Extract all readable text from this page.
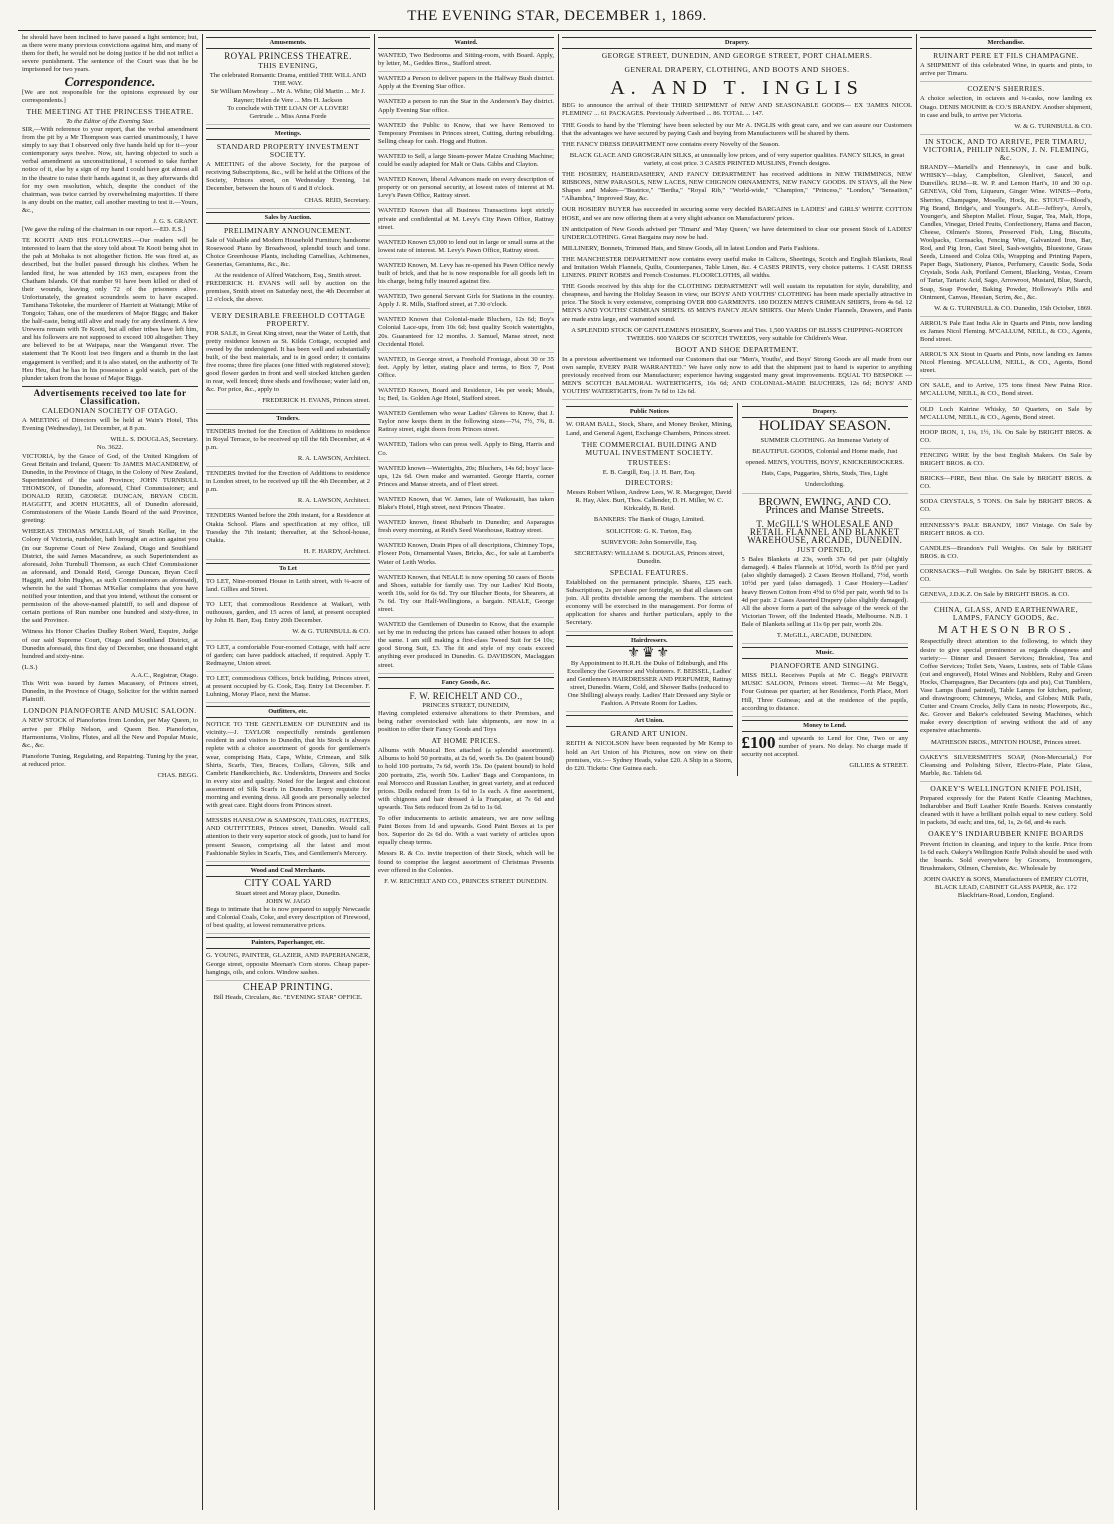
THE EVENING STAR, DECEMBER 1, 1869.

he should have been inclined to have passed a light sentence; but, as there were many previous convictions against him, and many of them for theft, he would not be doing justice if he did not inflict a severe punishment. The sentence of the Court was that he be imprisoned for two years.

Correspondence.

[We are not responsible for the opinions expressed by our correspondents.]

THE MEETING AT THE PRINCESS THEATRE.
To the Editor of the Evening Star.

SIR,—With reference to your report, that the verbal amendment from the pit by a Mr Thompson was carried unanimously, I have simply to say that I observed only five hands held up for it—your contemporary says twelve. Now, sir, having objected to such a verbal amendment as unconstitutional, I scorned to take further notice of it, else by a sign of my hand I could have got almost all in the theatre to raise their hands against it, as they afterwards did for my own resolution, which, despite the conduct of the chairman, was twice carried by overwhelming majorities. If there is any doubt on the matter, call another meeting to test it.—Yours, &c.,

J. G. S. GRANT.

[We gave the ruling of the chairman in our report.—ED. E.S.]

TE KOOTI AND HIS FOLLOWERS.—Our readers will be interested to learn that the story told about Te Kooti being shot in the pah at Mohaka is not altogether fiction. He was fired at, as described, but the bullet passed through his clothes. When he landed first, he was attended by 163 men, escapees from the Chatham Islands. Of that number 91 have been killed or died of their wounds, leaving only 72 of the prisoners alive. Unfortunately, the greatest scoundrels seem to have escaped. Tamihana Tekoteke, the murderer of Harriett at Waitangi; Mike of Tongoio; Tahau, one of the murderers of Major Biggs; and Baker the half-caste, being still alive and ready for any devilment. A few Urewera remain with Te Kooti, but all other tribes have left him, and his followers are not supposed to exceed 100 altogether. They are believed to be at Waipapa, near the Wanganui river. The statement that Te Kooti lost two fingers and a thumb in the last engagement is verified; and it is also stated, on the authority of Te Heu Heu, that he has in his possession a gold watch, part of the plunder taken from the house of Major Biggs.

Advertisements received too late for Classification.
CALEDONIAN SOCIETY OF OTAGO.

A MEETING of Directors will be held at Wain's Hotel, This Evening (Wednesday), 1st December, at 8 p.m.

WILL. S. DOUGLAS, Secretary.
No. 3622.

VICTORIA, by the Grace of God, of the United Kingdom of Great Britain and Ireland, Queen: To JAMES MACANDREW, of Dunedin, in the Province of Otago, in the Colony of New Zealand, Superintendent of the said Province; JOHN TURNBULL THOMSON, of Dunedin, aforesaid, Chief Commissioner; and DONALD REID, GEORGE DUNCAN, BRYAN CECIL HAGGITT, and JOHN HUGHES, all of Dunedin aforesaid, Commissioners of the Waste Lands Board of the said Province, greeting:

WHEREAS THOMAS M'KELLAR, of Strath Kellar, in the Colony of Victoria, runholder, hath brought an action against you (in our Supreme Court of New Zealand, Otago and Southland District, the said James Macandrew, as such Superintendent as aforesaid, John Turnbull Thomson, as such Chief Commissioner as aforesaid, and Donald Reid, George Duncan, Bryan Cecil Haggitt, and John Hughes, as such Commissioners as aforesaid), wherein he the said Thomas M'Kellar complains that you have notified your intention, and that you intend, without the consent or permission of the above-named plaintiff, to sell and dispose of certain portions of Run number one hundred and sixty-three, in the said Province.

Witness his Honor Charles Dudley Robert Ward, Esquire, Judge of our said Supreme Court, Otago and Southland District, at Dunedin aforesaid, this first day of December, one thousand eight hundred and sixty-nine.

(L.S.)
A.A.C., Registrar, Otago.

This Writ was issued by James Macassey, of Princes street, Dunedin, in the Province of Otago, Solicitor for the within named Plaintiff.

LONDON PIANOFORTE AND MUSIC SALOON.

A NEW STOCK of Pianofortes from London, per May Queen, to arrive per Philip Nelson, and Queen Bee. Pianofortes, Harmoniums, Violins, Flutes, and all the New and Popular Music, &c., &c.

Pianoforte Tuning, Regulating, and Repairing. Tuning by the year, at reduced price.

CHAS. BEGG.
Amusements.
ROYAL PRINCESS THEATRE.
THIS EVENING,
The celebrated Romantic Drama, entitled THE WILL AND THE WAY.
Sir William Mowbray ... Mr A. White; Old Martin ... Mr J. Rayner; Helen de Vere ... Mrs H. Jackson
To conclude with THE LOAN OF A LOVER!
Gertrude ... Miss Anna Forde
Meetings.
STANDARD PROPERTY INVESTMENT SOCIETY.

A MEETING of the above Society, for the purpose of receiving Subscriptions, &c., will be held at the Offices of the Society, Princes street, on Wednesday Evening, 1st December, between the hours of 6 and 8 o'clock.

CHAS. REID, Secretary.
Sales by Auction.
PRELIMINARY ANNOUNCEMENT.

Sale of Valuable and Modern Household Furniture; handsome Rosewood Piano by Broadwood, splendid touch and tone. Choice Greenhouse Plants, including Camellias, Achimenes, Gesnerias, Geraniums, &c., &c.

At the residence of Alfred Watchorn, Esq., Smith street.

FREDERICK H. EVANS will sell by auction on the premises, Smith street on Saturday next, the 4th December at 12 o'clock, the above.

VERY DESIRABLE FREEHOLD COTTAGE PROPERTY.

FOR SALE, in Great King street, near the Water of Leith, that pretty residence known as St. Kilda Cottage, occupied and owned by the undersigned. It has been well and substantially built, of the best materials, and is in good order; it contains five rooms; three fire places (one fitted with registered stove); good flower garden in front and well stocked kitchen garden in rear, well fenced; three sheds and fowlhouse; water laid on, &c. For price, &c., apply to

FREDERICK H. EVANS, Princes street.
Tenders.

TENDERS Invited for the Erection of Additions to residence in Royal Terrace, to be received up till the 6th December, at 4 p.m.

R. A. LAWSON, Architect.

TENDERS Invited for the Erection of Additions to residence in London street, to be received up till the 4th December, at 2 p.m.

R. A. LAWSON, Architect.

TENDERS Wanted before the 20th instant, for a Residence at Otakia School. Plans and specification at my office, till Tuesday the 7th instant; thereafter, at the School-house, Otakia.

H. F. HARDY, Architect.
To Let

TO LET, Nine-roomed House in Leith street, with ¼-acre of land. Gillies and Street.

TO LET, that commodious Residence at Waikari, with outhouses, garden, and 15 acres of land, at present occupied by John H. Barr, Esq. Entry 20th December.

W. & G. TURNBULL & CO.

TO LET, a comfortable Four-roomed Cottage, with half acre of garden; can have paddock attached, if required. Apply T. Redmayne, Union street.

TO LET, commodious Offices, brick building, Princes street, at present occupied by G. Cook, Esq. Entry 1st December. F. Luhning, Moray Place, next the Manse.

Outfitters, etc.

NOTICE TO THE GENTLEMEN OF DUNEDIN and its vicinity.—J. TAYLOR respectfully reminds gentlemen resident in and visitors to Dunedin, that his Stock is always replete with a choice assortment of goods for gentlemen's wear, comprising Hats, Caps, White, Crimean, and Silk Shirts, Scarfs, Ties, Braces, Collars, Gloves, Silk and Cambric Handkerchiefs, &c. Underskirts, Drawers and Socks in every size and quality. Noted for the largest and choicest assortment of Silk Scarfs in Dunedin. Every requisite for morning and evening dress. All goods are personally selected with great care. Eight doors from Princes street.

MESSRS HANSLOW & SAMPSON, TAILORS, HATTERS, AND OUTFITTERS, Princes street, Dunedin. Would call attention to their very superior stock of goods, just to hand for present Season, comprising all the latest and most Fashionable Styles in Scarfs, Ties, and Gentlemen's Mercery.

Wood and Coal Merchants.
CITY COAL YARD
Stuart street and Moray place, Dunedin.
JOHN W. JAGO

Begs to intimate that he is now prepared to supply Newcastle and Colonial Coals, Coke, and every description of Firewood, of best quality, at lowest remunerative prices.

Painters, Paperhanger, etc.

G. YOUNG, PAINTER, GLAZIER, AND PAPERHANGER, George street, opposite Meenan's Corn stores. Cheap paper-hangings, oils, and colors. Window sashes.

CHEAP PRINTING.
Bill Heads, Circulars, &c. "EVENING STAR" OFFICE.
Wanted.

WANTED, Two Bedrooms and Sitting-room, with Board. Apply, by letter, M., Geddes Bros., Stafford street.

WANTED a Person to deliver papers in the Halfway Bush district. Apply at the Evening Star office.

WANTED a person to run the Star in the Anderson's Bay district. Apply Evening Star office.

WANTED the Public to Know, that we have Removed to Temporary Premises in Princes street, Cutting, during rebuilding. Selling cheap for cash. Hogg and Hutton.

WANTED to Sell, a large Steam-power Maize Crushing Machine; could be easily adapted for Malt or Oats. Gibbs and Clayton.

WANTED Known, liberal Advances made on every description of property or on personal security, at lowest rates of interest at M. Levy's Pawn Office, Rattray street.

WANTED Known that all Business Transactions kept strictly private and confidential at M. Levy's City Pawn Office, Rattray street.

WANTED Known £5,000 to lend out in large or small sums at the lowest rate of interest. M. Levy's Pawn Office, Rattray street.

WANTED Known, M. Levy has re-opened his Pawn Office newly built of brick, and that he is now responsible for all goods left in his charge, being fully insured against fire.

WANTED, Two general Servant Girls for Stations in the country. Apply J. R. Mills, Stafford street, at 7.30 o'clock.

WANTED Known that Colonial-made Bluchers, 12s 6d; Boy's Colonial Lace-ups, from 10s 6d; best quality Scotch watertights, 20s. Guaranteed for 12 months. J. Samuel, Manse street, next Occidental Hotel.

WANTED, in George street, a Freehold Frontage, about 30 or 35 feet. Apply by letter, stating place and terms, to Box 7, Post Office.

WANTED Known, Board and Residence, 14s per week; Meals, 1s; Bed, 1s. Golden Age Hotel, Stafford street.

WANTED Gentlemen who wear Ladies' Gloves to Know, that J. Taylor now keeps them in the following sizes—7¼, 7½, 7¾, 8. Rattray street, eight doors from Princes street.

WANTED, Tailors who can press well. Apply to Bing, Harris and Co.

WANTED known—Watertights, 20s; Bluchers, 14s 6d; boys' lace-ups, 12s 6d. Own make and warranted. George Harris, corner Princes and Manse streets, and of Fleet street.

WANTED Known, that W. James, late of Waikouaiti, has taken Blake's Hotel, High street, next Princes Theatre.

WANTED known, finest Rhubarb in Dunedin; and Asparagus fresh every morning, at Reid's Seed Warehouse, Rattray street.

WANTED Known, Drain Pipes of all descriptions, Chimney Tops, Flower Pots, Ornamental Vases, Bricks, &c., for sale at Lambert's Water of Leith Works.

WANTED Known, that NEALE is now opening 50 cases of Boots and Shoes, suitable for family use. Try our Ladies' Kid Boots, worth 10s, sold for 6s 6d. Try our Blucher Boots, for Shearers, at 7s 6d. Try our Half-Wellingtons, a bargain. NEALE, George street.

WANTED the Gentlemen of Dunedin to Know, that the example set by me in reducing the prices has caused other houses to adopt the same. I am still making a first-class Tweed Suit for £4 10s; good Strong Suit, £3. The fit and style of my coats exceed anything ever produced in Dunedin. G. DAVIDSON, Maclaggan street.

Fancy Goods, &c.
F. W. REICHELT AND CO.,
PRINCES STREET, DUNEDIN,

Having completed extensive alterations to their Premises, and being rather overstocked with late shipments, are now in a position to offer their Fancy Goods and Toys

AT HOME PRICES.

Albums with Musical Box attached (a splendid assortment). Albums to hold 50 portraits, at 2s 6d, worth 5s. Do (patent bound) to hold 100 portraits, 7s 6d, worth 15s. Do (patent bound) to hold 200 portraits, 25s, worth 50s. Ladies' Bags and Companions, in real Morocco and Russian Leather, in great variety, and at reduced prices. Dolls reduced from 1s 6d to 1s each. A fine assortment, with chignons and hair dressed à la Française, at 7s 6d and upwards. Tea Sets reduced from 2s 6d to 1s 6d.

To offer inducements to artistic amateurs, we are now selling Paint Boxes from 1d and upwards. Good Paint Boxes at 1s per box. Superior do 2s 6d do. With a vast variety of articles upon equally cheap terms.

Messrs R. & Co. invite inspection of their Stock, which will be found to comprise the largest assortment of Christmas Presents ever offered in the Colonies.

F. W. REICHELT AND CO., PRINCES STREET DUNEDIN.
Drapery.
GEORGE STREET, DUNEDIN, AND GEORGE STREET, PORT CHALMERS.
GENERAL DRAPERY, CLOTHING, AND BOOTS AND SHOES.
A. AND T. INGLIS

BEG to announce the arrival of their THIRD SHIPMENT of NEW AND SEASONABLE GOODS— EX 'JAMES NICOL FLEMING' ... 61 PACKAGES. Previously Advertised ... 86. TOTAL ... 147.

THE Goods to hand by the 'Fleming' have been selected by our Mr A. INGLIS with great care, and we can assure our Customers that the advantages we have secured by paying Cash and buying from Manufacturers will be shared by them.

THE FANCY DRESS DEPARTMENT now contains every Novelty of the Season.

BLACK GLACE AND GROSGRAIN SILKS, at unusually low prices, and of very superior qualities. FANCY SILKS, in great variety, at cost price. 3 CASES PRINTED MUSLINS, French designs.

THE HOSIERY, HABERDASHERY, AND FANCY DEPARTMENT has received additions in NEW TRIMMINGS, NEW RIBBONS, NEW PARASOLS, NEW LACES, NEW CHIGNON ORNAMENTS, NEW FANCY GOODS. IN STAYS, all the New Shapes and Makes—"Beatrice," "Bertha," "Royal Rib," "World-wide," "Champion," "Princess," "London," "Sensation," "Alhambra," Improved Stay, &c.

OUR HOSIERY BUYER has succeeded in securing some very decided BARGAINS in LADIES' and GIRLS' WHITE COTTON HOSE, and we are now offering them at a very slight advance on Manufacturers' prices.

IN anticipation of New Goods advised per 'Timaru' and 'May Queen,' we have determined to clear our present Stock of LADIES' UNDERCLOTHING. Great Bargains may now be had.

MILLINERY, Bonnets, Trimmed Hats, and Straw Goods, all in latest London and Paris Fashions.

THE MANCHESTER DEPARTMENT now contains every useful make in Calicos, Sheetings, Scotch and English Blankets, Real and Imitation Welsh Flannels, Quilts, Counterpanes, Table Linen, &c. 4 CASES PRINTS, very choice patterns. 1 CASE DRESS LINENS. PRINT ROBES and French Costumes. FLOORCLOTHS, all widths.

THE Goods received by this ship for the CLOTHING DEPARTMENT will well sustain its reputation for style, durability, and cheapness, and having the Holiday Season in view, our BOYS' AND YOUTHS' CLOTHING has been made specially attractive in price. The Stock is very extensive, comprising OVER 800 GARMENTS. 180 DOZEN MEN'S CRIMEAN SHIRTS, from 4s 6d. 12 MEN'S AND YOUTHS' CRIMEAN SHIRTS. 65 MEN'S FANCY JEAN SHIRTS. Our Men's Under Flannels, Drawers, and Pants are made extra large, and warranted sound.

A SPLENDID STOCK OF GENTLEMEN'S HOSIERY, Scarves and Ties. 1,500 YARDS OF BLISS'S CHIPPING-NORTON TWEEDS. 600 YARDS OF SCOTCH TWEEDS, very suitable for Children's Wear.

BOOT AND SHOE DEPARTMENT.

In a previous advertisement we informed our Customers that our "Men's, Youths', and Boys' Strong Goods are all made from our own sample, EVERY PAIR WARRANTED." We have only now to add that the shipment just to hand is superior to anything previously received from our Manufacturer; experience having suggested many great improvements. EQUAL TO BESPOKE — MEN'S SCOTCH BALMORAL WATERTIGHTS, 16s 6d; AND COLONIAL-MADE BLUCHERS, 12s 6d; BOYS' AND YOUTHS' WATERTIGHTS, from 7s 6d to 12s 6d.

Public Notices

W. ORAM BALL, Stock, Share, and Money Broker, Mining, Land, and General Agent, Exchange Chambers, Princes street.

THE COMMERCIAL BUILDING AND MUTUAL INVESTMENT SOCIETY.
TRUSTEES:
E. B. Cargill, Esq. | J. H. Barr, Esq.
DIRECTORS:

Messrs Robert Wilson, Andrew Lees, W. R. Macgregor, David R. Hay, Alex. Burt, Thos. Callender, D. H. Miller, W. C. Kirkcaldy, B. Reid.

BANKERS: The Bank of Otago, Limited.

SOLICITOR: G. K. Turton, Esq.

SURVEYOR: John Somerville, Esq.

SECRETARY: WILLIAM S. DOUGLAS, Princes street, Dunedin.

SPECIAL FEATURES.

Established on the permanent principle. Shares, £25 each. Subscriptions, 2s per share per fortnight, so that all classes can join. All profits divisible among the members. The strictest economy will be exercised in the management. For forms of application for shares and further particulars, apply to the Secretary.

Hairdressers.
⚜♛⚜

By Appointment to H.R.H. the Duke of Edinburgh, and His Excellency the Governor and Volunteers. F. BEISSEL, Ladies' and Gentlemen's HAIRDRESSER AND PERFUMER, Rattray street, Dunedin. Warm, Cold, and Shower Baths (reduced to One Shilling) always ready. Ladies' Hair Dressed any Style or Fashion. A Private Room for Ladies.

Art Union.
GRAND ART UNION.

REITH & NICOLSON have been requested by Mr Kemp to hold an Art Union of his Pictures, now on view on their premises, viz.:— Sydney Heads, value £20. A Ship in a Storm, do £20. Tickets: One Guinea each.

Drapery.
HOLIDAY SEASON.

SUMMER CLOTHING. An Immense Variety of BEAUTIFUL GOODS, Colonial and Home made, Just opened. MEN'S, YOUTHS, BOYS', KNICKERBOCKERS. Hats, Caps, Puggaries, Shirts, Studs, Ties, Light Underclothing.

BROWN, EWING, AND CO. Princes and Manse Streets.
T. McGILL'S WHOLESALE AND RETAIL FLANNEL AND BLANKET WAREHOUSE, ARCADE, DUNEDIN.
JUST OPENED,

5 Bales Blankets at 23s, worth 37s 6d per pair (slightly damaged). 4 Bales Flannels at 10½d, worth 1s 8½d per yard (also slightly damaged). 2 Cases Brown Holland, 7½d, worth 10½d per yard (also damaged). 1 Case Hosiery—Ladies' heavy Brown Cotton from 4½d to 6½d per pair, worth 9d to 1s 4d per pair. 2 Cases Assorted Drapery (also slightly damaged). All the above form a part of the salvage of the wreck of the Victorian Tower, off the Indented Heads, Melbourne. N.B. 1 Bale of Blankets selling at 11s 6p per pair, worth 20s.

T. McGILL, ARCADE, DUNEDIN.
Music.
PIANOFORTE AND SINGING.

MISS BELL Receives Pupils at Mr C. Begg's PRIVATE MUSIC SALOON, Princes street. Terms:—At Mr Begg's, Four Guineas per quarter; at her Residence, Forth Place, Mori Hill, Three Guineas; and at the residence of the pupils, according to distance.

Money to Lend.
£100 and upwards to Lend for One, Two or any number of years. No delay. No charge made if security not accepted.

GILLIES & STREET.
Merchandise.
RUINART PERE ET FILS CHAMPAGNE.

A SHIPMENT of this celebrated Wine, in quarts and pints, to arrive per Timaru.

COZEN'S SHERRIES.

A choice selection, in octaves and ¼-casks, now landing ex Otago. DENIS MOUNIE & CO.'S BRANDY. Another shipment, in case and bulk, to arrive per Victoria.

W. & G. TURNBULL & CO.
IN STOCK, AND TO ARRIVE, PER TIMARU, VICTORIA, PHILIP NELSON, J. N. FLEMING, &c.

BRANDY—Martell's and Hennessy's, in case and bulk. WHISKY—Islay, Campbelton, Glenlivet, Saucel, and Dunville's. RUM—R. W. P. and Lemon Hart's, 10 and 30 o.p. GENEVA, Old Tom, Liqueurs, Ginger Wine. WINES—Ports, Sherries, Champagne, Moselle, Hock, &c. STOUT—Blood's, Pig Brand, Bridge's, and Younger's. ALE—Jeffrey's, Arrol's, Younger's, and Shepton Mallet. Flour, Sugar, Tea, Malt, Hops, Candles, Vinegar, Dried Fruits, Confectionery, Hams and Bacon, Cheese, Oilmen's Stores, Preserved Fish, Ling, Biscuits, Woolpacks, Cornsacks, Fencing Wire, Galvanized Iron, Bar, Rod, and Pig Iron, Cast Steel, Sash-weights, Bluestone, Grass Seeds, Linseed and Colza Oils, Wrapping and Printing Papers, Paper Bags, Stationery, Pianos, Perfumery, Caustic Soda, Soda Crystals, Soda Ash, Portland Cement, Blacking, Vestas, Cream of Tartar, Tartaric Acid, Sago, Arrowroot, Mustard, Blue, Starch, Soap, Soap Powder, Baking Powder, Holloway's Pills and Ointment, Canvas, Hessian, Scrim, &c., &c.

W. & G. TURNBULL & CO. Dunedin, 15th October, 1869.

ARROL'S Pale East India Ale in Quarts and Pints, now landing ex James Nicol Fleming. M'CALLUM, NEILL, & CO., Agents, Bond street.

ARROL'S XX Stout in Quarts and Pints, now landing ex James Nicol Fleming. M'CALLUM, NEILL, & CO., Agents, Bond street.

ON SALE, and to Arrive, 175 tons finest New Patna Rice. M'CALLUM, NEILL, & CO., Bond street.

OLD Loch Katrine Whisky, 50 Quarters, on Sale by M'CALLUM, NEILL, & CO., Agents, Bond street.

HOOP IRON, 1, 1¼, 1½, 1¾. On Sale by BRIGHT BROS. & CO.

FENCING WIRE by the best English Makers. On Sale by BRIGHT BROS. & CO.

BRICKS—FIRE, Best Blue. On Sale by BRIGHT BROS. & CO.

SODA CRYSTALS, 5 TONS. On Sale by BRIGHT BROS. & CO.

HENNESSY'S PALE BRANDY, 1867 Vintage. On Sale by BRIGHT BROS. & CO.

CANDLES—Brandon's Full Weights. On Sale by BRIGHT BROS. & CO.

CORNSACKS—Full Weights. On Sale by BRIGHT BROS. & CO.

GENEVA, J.D.K.Z. On Sale by BRIGHT BROS. & CO.

CHINA, GLASS, AND EARTHENWARE, LAMPS, FANCY GOODS, &c.
MATHESON BROS.

Respectfully direct attention to the following, to which they desire to give special prominence as regards cheapness and variety:— Dinner and Dessert Services; Breakfast, Tea and Coffee Services; Toilet Sets, Vases, Lustres, sets of Table Glass (cut and engraved), Hotel Wines and Nobblers, Ruby and Green Hocks, Champagnes, Bar Decanters (qts and pts), Cut Tumblers, Vase Lamps (hand painted), Table Lamps for kitchen, parlour, and drawingroom; Chimneys, Wicks, and Globes; Milk Pails, Cutter and Cream Crocks, Jelly Cans in nests; Flowerpots, &c., &c. Grover and Baker's celebrated Sewing Machines, which make every description of sewing without the aid of any expensive attachments.

MATHESON BROS., MINTON HOUSE, Princes street.

OAKEY'S SILVERSMITH'S SOAP, (Non-Mercurial,) For Cleansing and Polishing Silver, Electro-Plate, Plate Glass, Marble, &c. Tablets 6d.

OAKEY'S WELLINGTON KNIFE POLISH,

Prepared expressly for the Patent Knife Cleaning Machines, Indiarubber and Buff Leather Knife Boards. Knives constantly cleaned with it have a brilliant polish equal to new cutlery. Sold in packets, 3d each; and tins, 6d, 1s, 2s 6d, and 4s each.

OAKEY'S INDIARUBBER KNIFE BOARDS

Prevent friction in cleaning, and injury to the knife. Price from 1s 6d each. Oakey's Wellington Knife Polish should be used with the boards. Sold everywhere by Grocers, Ironmongers, Brushmakers, Oilmen, Chemists, &c. Wholesale by

JOHN OAKEY & SONS, Manufacturers of EMERY CLOTH, BLACK LEAD, CABINET GLASS PAPER, &c. 172 Blackfriars-Road, London, England.
